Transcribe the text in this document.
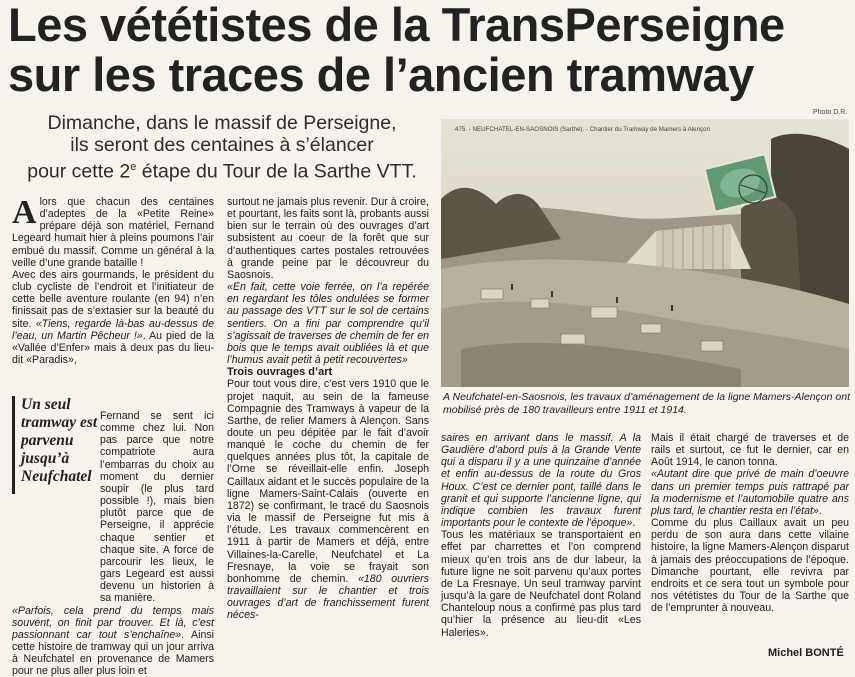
Les vététistes de la TransPerseigne
sur les traces de l’ancien tramway
Dimanche, dans le massif de Perseigne,
ils seront des centaines à s’élancer
pour cette 2e étape du Tour de la Sarthe VTT.
Photo D.R.
475. - NEUFCHATEL-EN-SAOSNOIS (Sarthe). - Chantier du Tramway de Mamers à Alençon
A Neufchatel-en-Saosnois, les travaux d’aménagement de la ligne Mamers-Alençon ont mobilisé près de 180 travailleurs entre 1911 et 1914.

Alors que chacun des centaines d’adeptes de la «Petite Reine» prépare déjà son matériel, Fernand Legeard humait hier à pleins poumons l’air embué du massif. Comme un général à la veille d’une grande bataille !

Avec des airs gourmands, le président du club cycliste de l’endroit et l’initiateur de cette belle aventure roulante (en 94) n’en finissait pas de s’extasier sur la beauté du site. «Tiens, regarde là-bas au-dessus de l’eau, un Martin Pêcheur !». Au pied de la «Vallée d’Enfer» mais à deux pas du lieu-dit «Paradis»,

Fernand se sent ici comme chez lui. Non pas parce que notre compatriote aura l’embarras du choix au moment du dernier soupir (le plus tard possible !), mais bien plutôt parce que de Perseigne, il apprécie chaque sentier et chaque site. A force de parcourir les lieux, le gars Legeard est aussi devenu un historien à sa manière.

«Parfois, cela prend du temps mais souvent, on finit par trouver. Et là, c’est passionnant car tout s’enchaîne». Ainsi cette histoire de tramway qui un jour arriva à Neufchatel en provenance de Mamers pour ne plus aller plus loin et

Un seul tramway est parvenu jusqu’à Neufchatel

surtout ne jamais plus revenir. Dur à croire, et pourtant, les faits sont là, probants aussi bien sur le terrain où des ouvrages d’art subsistent au coeur de la forêt que sur d’authentiques cartes postales retrouvées à grande peine par le découvreur du Saosnois.

«En fait, cette voie ferrée, on l’a repérée en regardant les tôles ondulées se former au passage des VTT sur le sol de certains sentiers. On a fini par comprendre qu’il s’agissait de traverses de chemin de fer en bois que le temps avait oubliées là et que l’humus avait petit à petit recouvertes»

Trois ouvrages d’art

Pour tout vous dire, c’est vers 1910 que le projet naquit, au sein de la fameuse Compagnie des Tramways à vapeur de la Sarthe, de relier Mamers à Alençon. Sans doute un peu dépitée par le fait d’avoir manqué le coche du chemin de fer quelques années plus tôt, la capitale de l’Orne se réveillait-elle enfin. Joseph Caillaux aidant et le succès populaire de la ligne Mamers-Saint-Calais (ouverte en 1872) se confirmant, le tracé du Saosnois via le massif de Perseigne fut mis à l’étude. Les travaux commencèrent en 1911 à partir de Mamers et déjà, entre Villaines-la-Carelle, Neufchatel et La Fresnaye, la voie se frayait son bonhomme de chemin. «180 ouvriers travaillaient sur le chantier et trois ouvrages d’art de franchissement furent néces-

saires en arrivant dans le massif. A la Gaudière d’abord puis à la Grande Vente qui a disparu il y a une quinzaine d’année et enfin au-dessus de la route du Gros Houx. C’est ce dernier pont, taillé dans le granit et qui supporte l’ancienne ligne, qui indique combien les travaux furent importants pour le contexte de l’époque».

Tous les matériaux se transportaient en effet par charrettes et l’on comprend mieux qu’en trois ans de dur labeur, la future ligne ne soit parvenu qu’aux portes de La Fresnaye. Un seul tramway parvint jusqu’à la gare de Neufchatel dont Roland Chanteloup nous a confirmé pas plus tard qu’hier la présence au lieu-dit «Les Haleries».

Mais il était chargé de traverses et de rails et surtout, ce fut le dernier, car en Août 1914, le canon tonna.

«Autant dire que privé de main d’oeuvre dans un premier temps puis rattrapé par la modernisme et l’automobile quatre ans plus tard, le chantier resta en l’état».

Comme du plus Caillaux avait un peu perdu de son aura dans cette vilaine histoire, la ligne Mamers-Alençon disparut à jamais des préoccupations de l’époque. Dimanche pourtant, elle revivra par endroits et ce sera tout un symbole pour nos vététistes du Tour de la Sarthe que de l’emprunter à nouveau.

Michel BONTÉ
